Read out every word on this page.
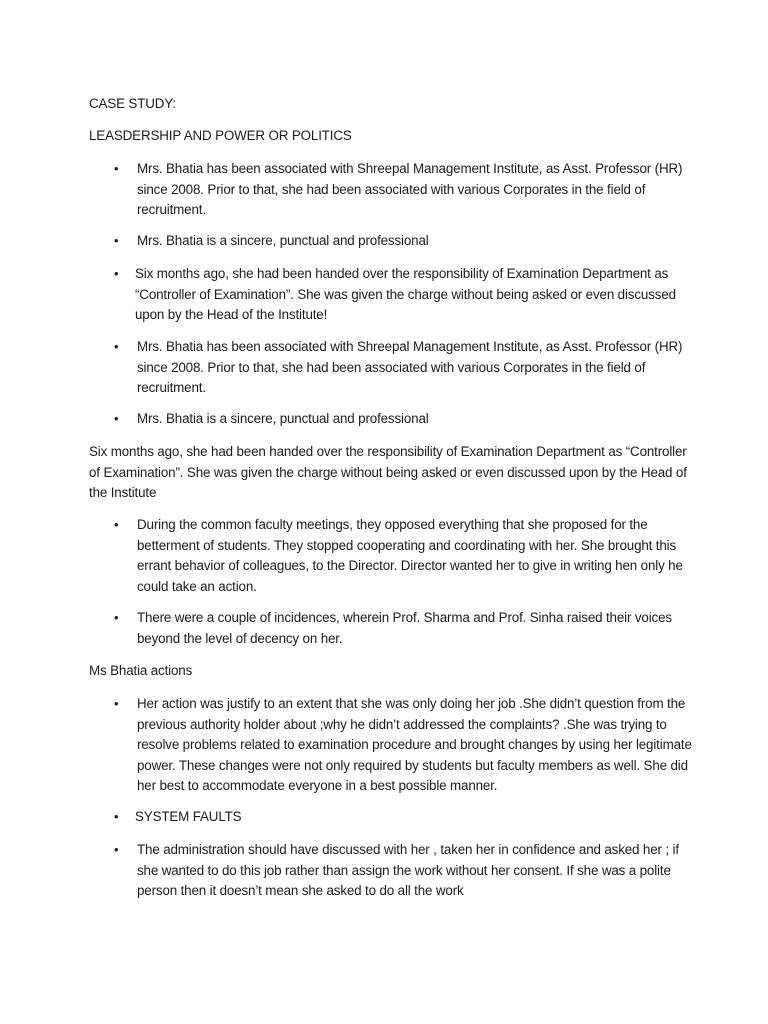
CASE STUDY:
LEASDERSHIP AND POWER OR POLITICS
• Mrs. Bhatia has been associated with Shreepal Management Institute, as Asst. Professor (HR)
since 2008. Prior to that, she had been associated with various Corporates in the field of
recruitment.
• Mrs. Bhatia is a sincere, punctual and professional
• Six months ago, she had been handed over the responsibility of Examination Department as
“Controller of Examination”. She was given the charge without being asked or even discussed
upon by the Head of the Institute!
• Mrs. Bhatia has been associated with Shreepal Management Institute, as Asst. Professor (HR)
since 2008. Prior to that, she had been associated with various Corporates in the field of
recruitment.
• Mrs. Bhatia is a sincere, punctual and professional
Six months ago, she had been handed over the responsibility of Examination Department as “Controller
of Examination”. She was given the charge without being asked or even discussed upon by the Head of
the Institute
• During the common faculty meetings, they opposed everything that she proposed for the
betterment of students. They stopped cooperating and coordinating with her. She brought this
errant behavior of colleagues, to the Director. Director wanted her to give in writing hen only he
could take an action.
• There were a couple of incidences, wherein Prof. Sharma and Prof. Sinha raised their voices
beyond the level of decency on her.
Ms Bhatia actions
• Her action was justify to an extent that she was only doing her job .She didn’t question from the
previous authority holder about ;why he didn’t addressed the complaints? .She was trying to
resolve problems related to examination procedure and brought changes by using her legitimate
power. These changes were not only required by students but faculty members as well. She did
her best to accommodate everyone in a best possible manner.
• SYSTEM FAULTS
• The administration should have discussed with her , taken her in confidence and asked her ; if
she wanted to do this job rather than assign the work without her consent. If she was a polite
person then it doesn’t mean she asked to do all the work
